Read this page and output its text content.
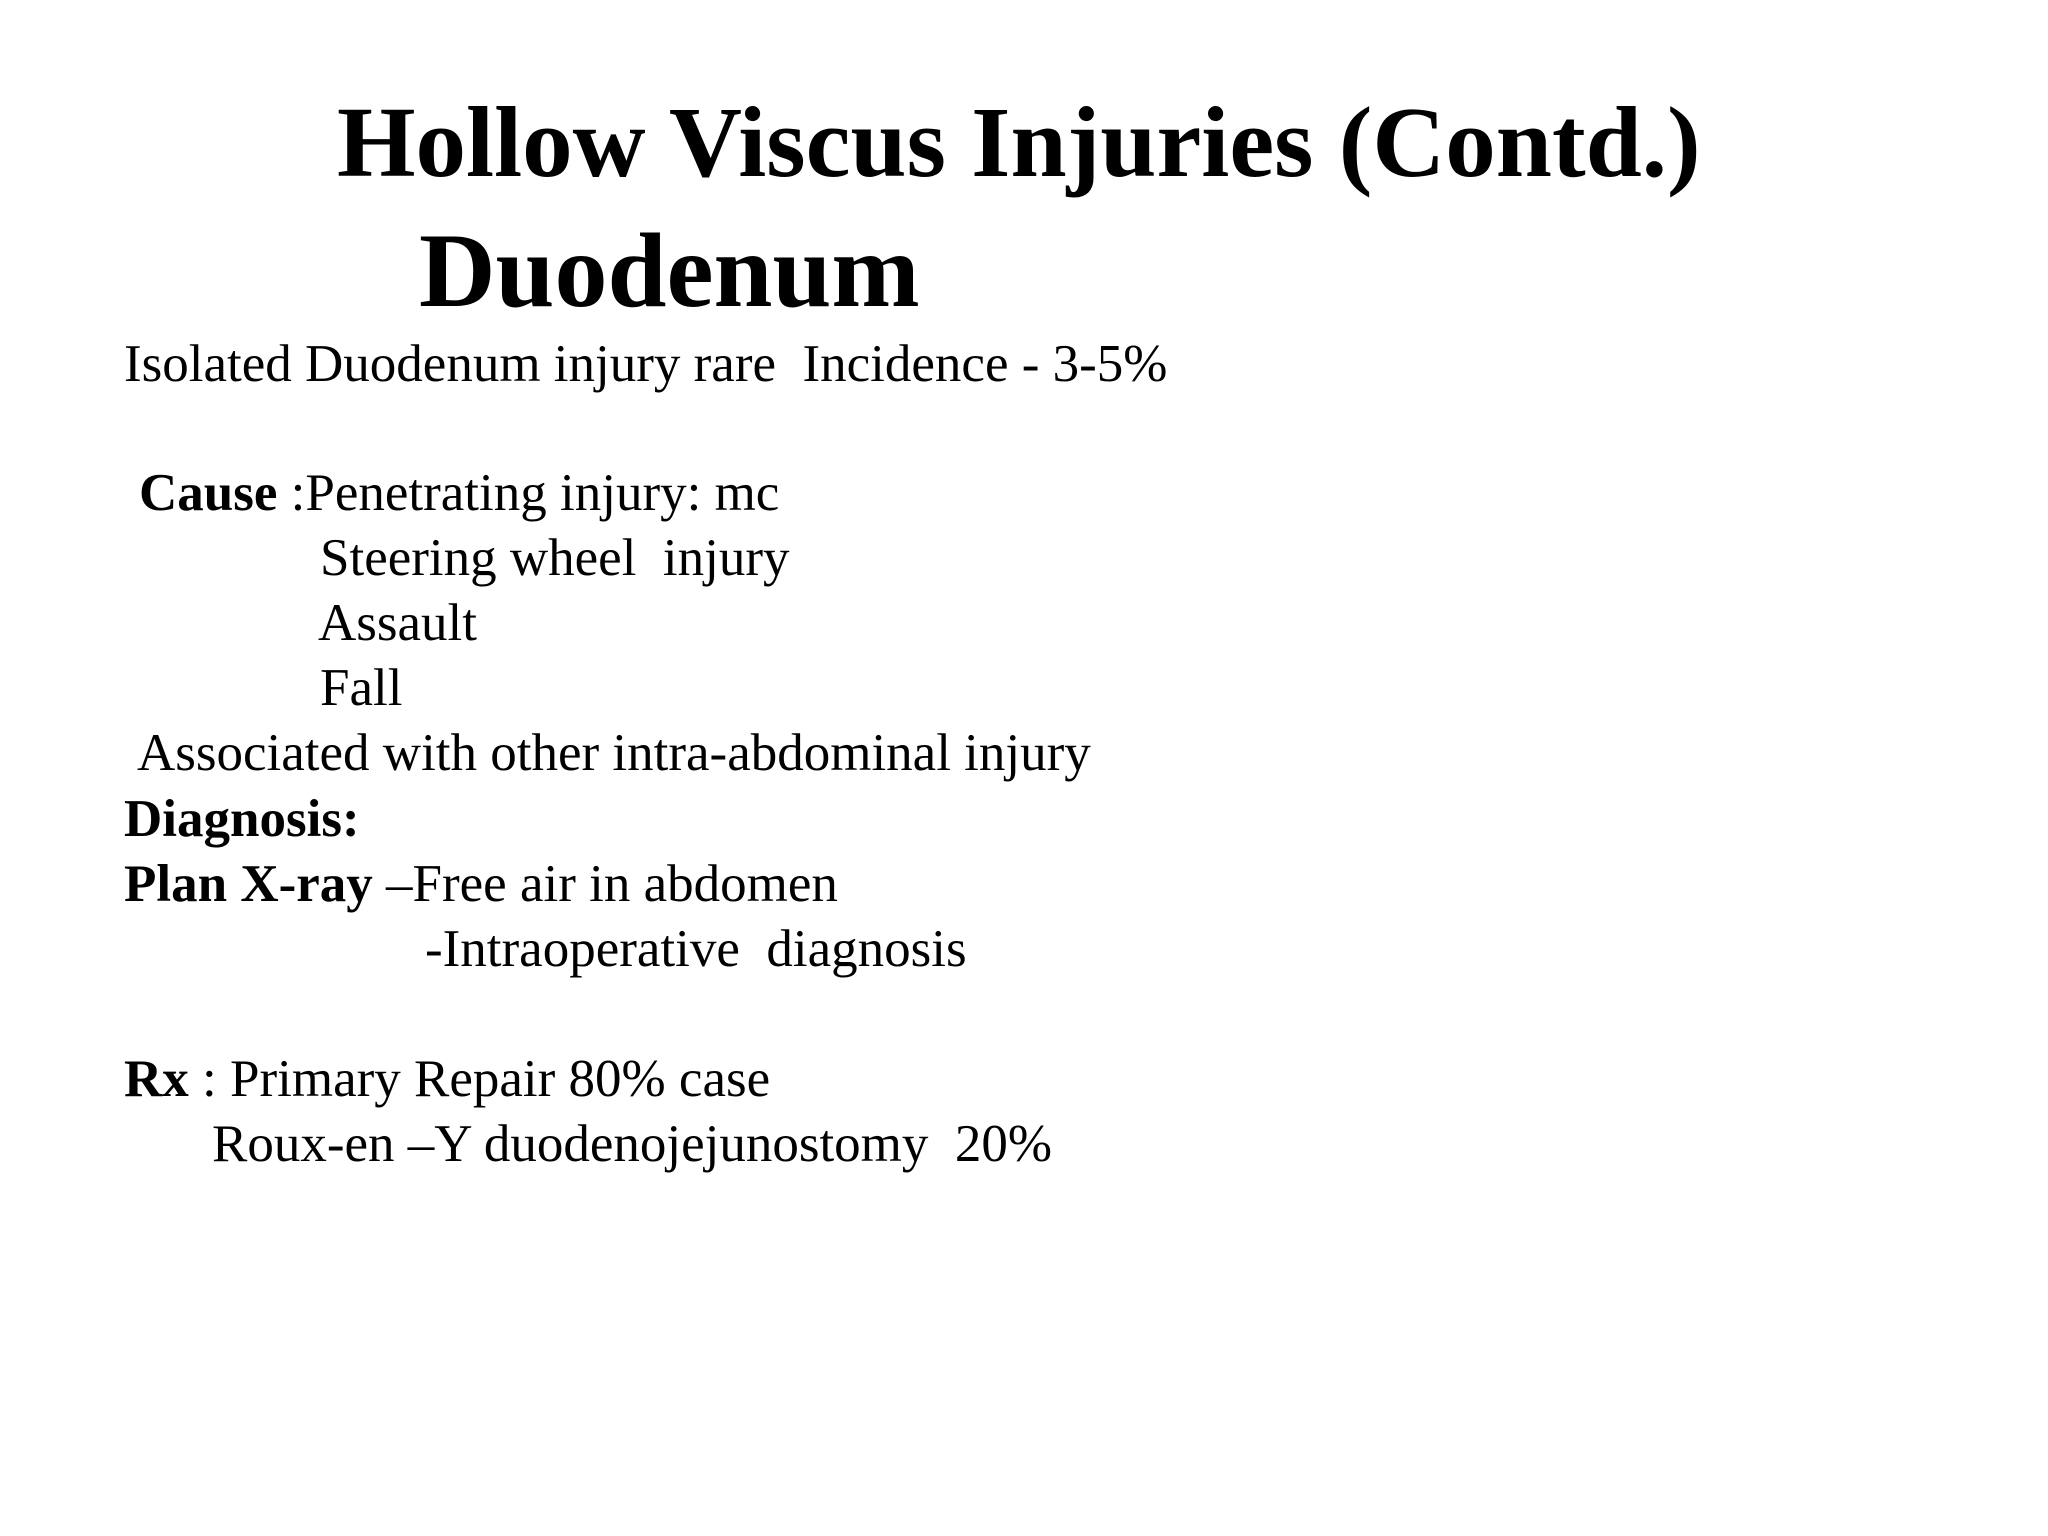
Hollow Viscus Injuries (Contd.)
Duodenum
Isolated Duodenum injury rare  Incidence - 3-5%
Cause :Penetrating injury: mc
Steering wheel  injury
Assault
Fall
Associated with other intra-abdominal injury
Diagnosis:
Plan X-ray –Free air in abdomen
-Intraoperative  diagnosis
Rx : Primary Repair 80% case
Roux-en –Y duodenojejunostomy  20%
